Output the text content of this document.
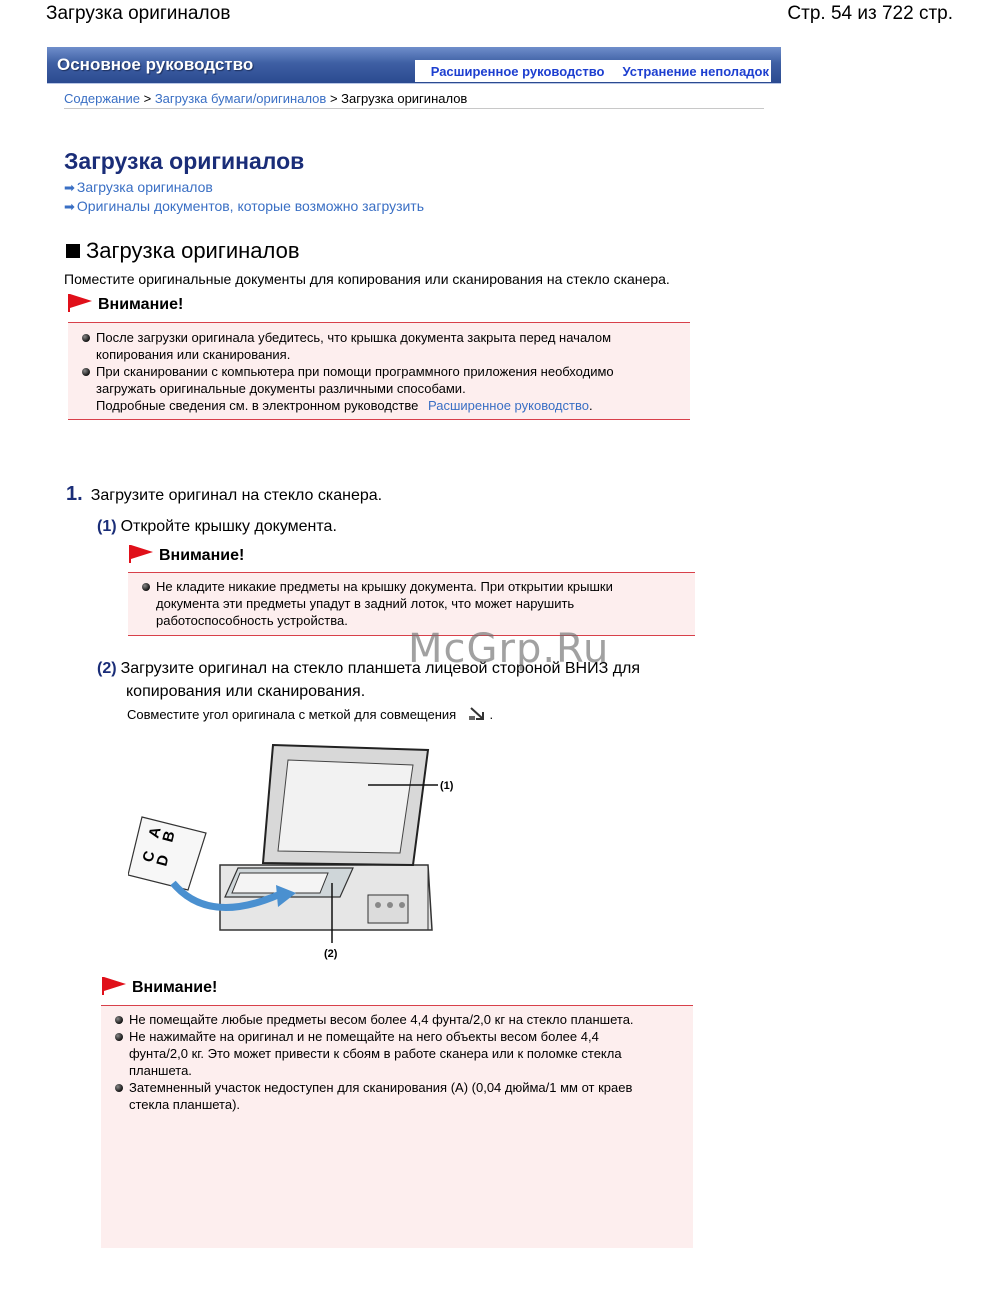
Загрузка оригиналов	Стр. 54 из 722 стр.
Основное руководство	Расширенное руководство Устранение неполадок
Содержание > Загрузка бумаги/оригиналов > Загрузка оригиналов
Загрузка оригиналов
➡ Загрузка оригиналов
➡ Оригиналы документов, которые возможно загрузить
Загрузка оригиналов
Поместите оригинальные документы для копирования или сканирования на стекло сканера.
Внимание!
После загрузки оригинала убедитесь, что крышка документа закрыта перед началом копирования или сканирования.
При сканировании с компьютера при помощи программного приложения необходимо загружать оригинальные документы различными способами.
Подробные сведения см. в электронном руководстве Расширенное руководство.
1. Загрузите оригинал на стекло сканера.
(1) Откройте крышку документа.
Внимание!
Не кладите никакие предметы на крышку документа. При открытии крышки документа эти предметы упадут в задний лоток, что может нарушить работоспособность устройства.
(2) Загрузите оригинал на стекло планшета лицевой стороной ВНИЗ для
копирования или сканирования.
Совместите угол оригинала с меткой для совмещения	.
A
B
C
D
(1)
(2)
Внимание!
Не помещайте любые предметы весом более 4,4 фунта/2,0 кг на стекло планшета.
Не нажимайте на оригинал и не помещайте на него объекты весом более 4,4 фунта/2,0 кг. Это может привести к сбоям в работе сканера или к поломке стекла планшета.
Затемненный участок недоступен для сканирования (A) (0,04 дюйма/1 мм от краев стекла планшета).
McGrp.Ru
